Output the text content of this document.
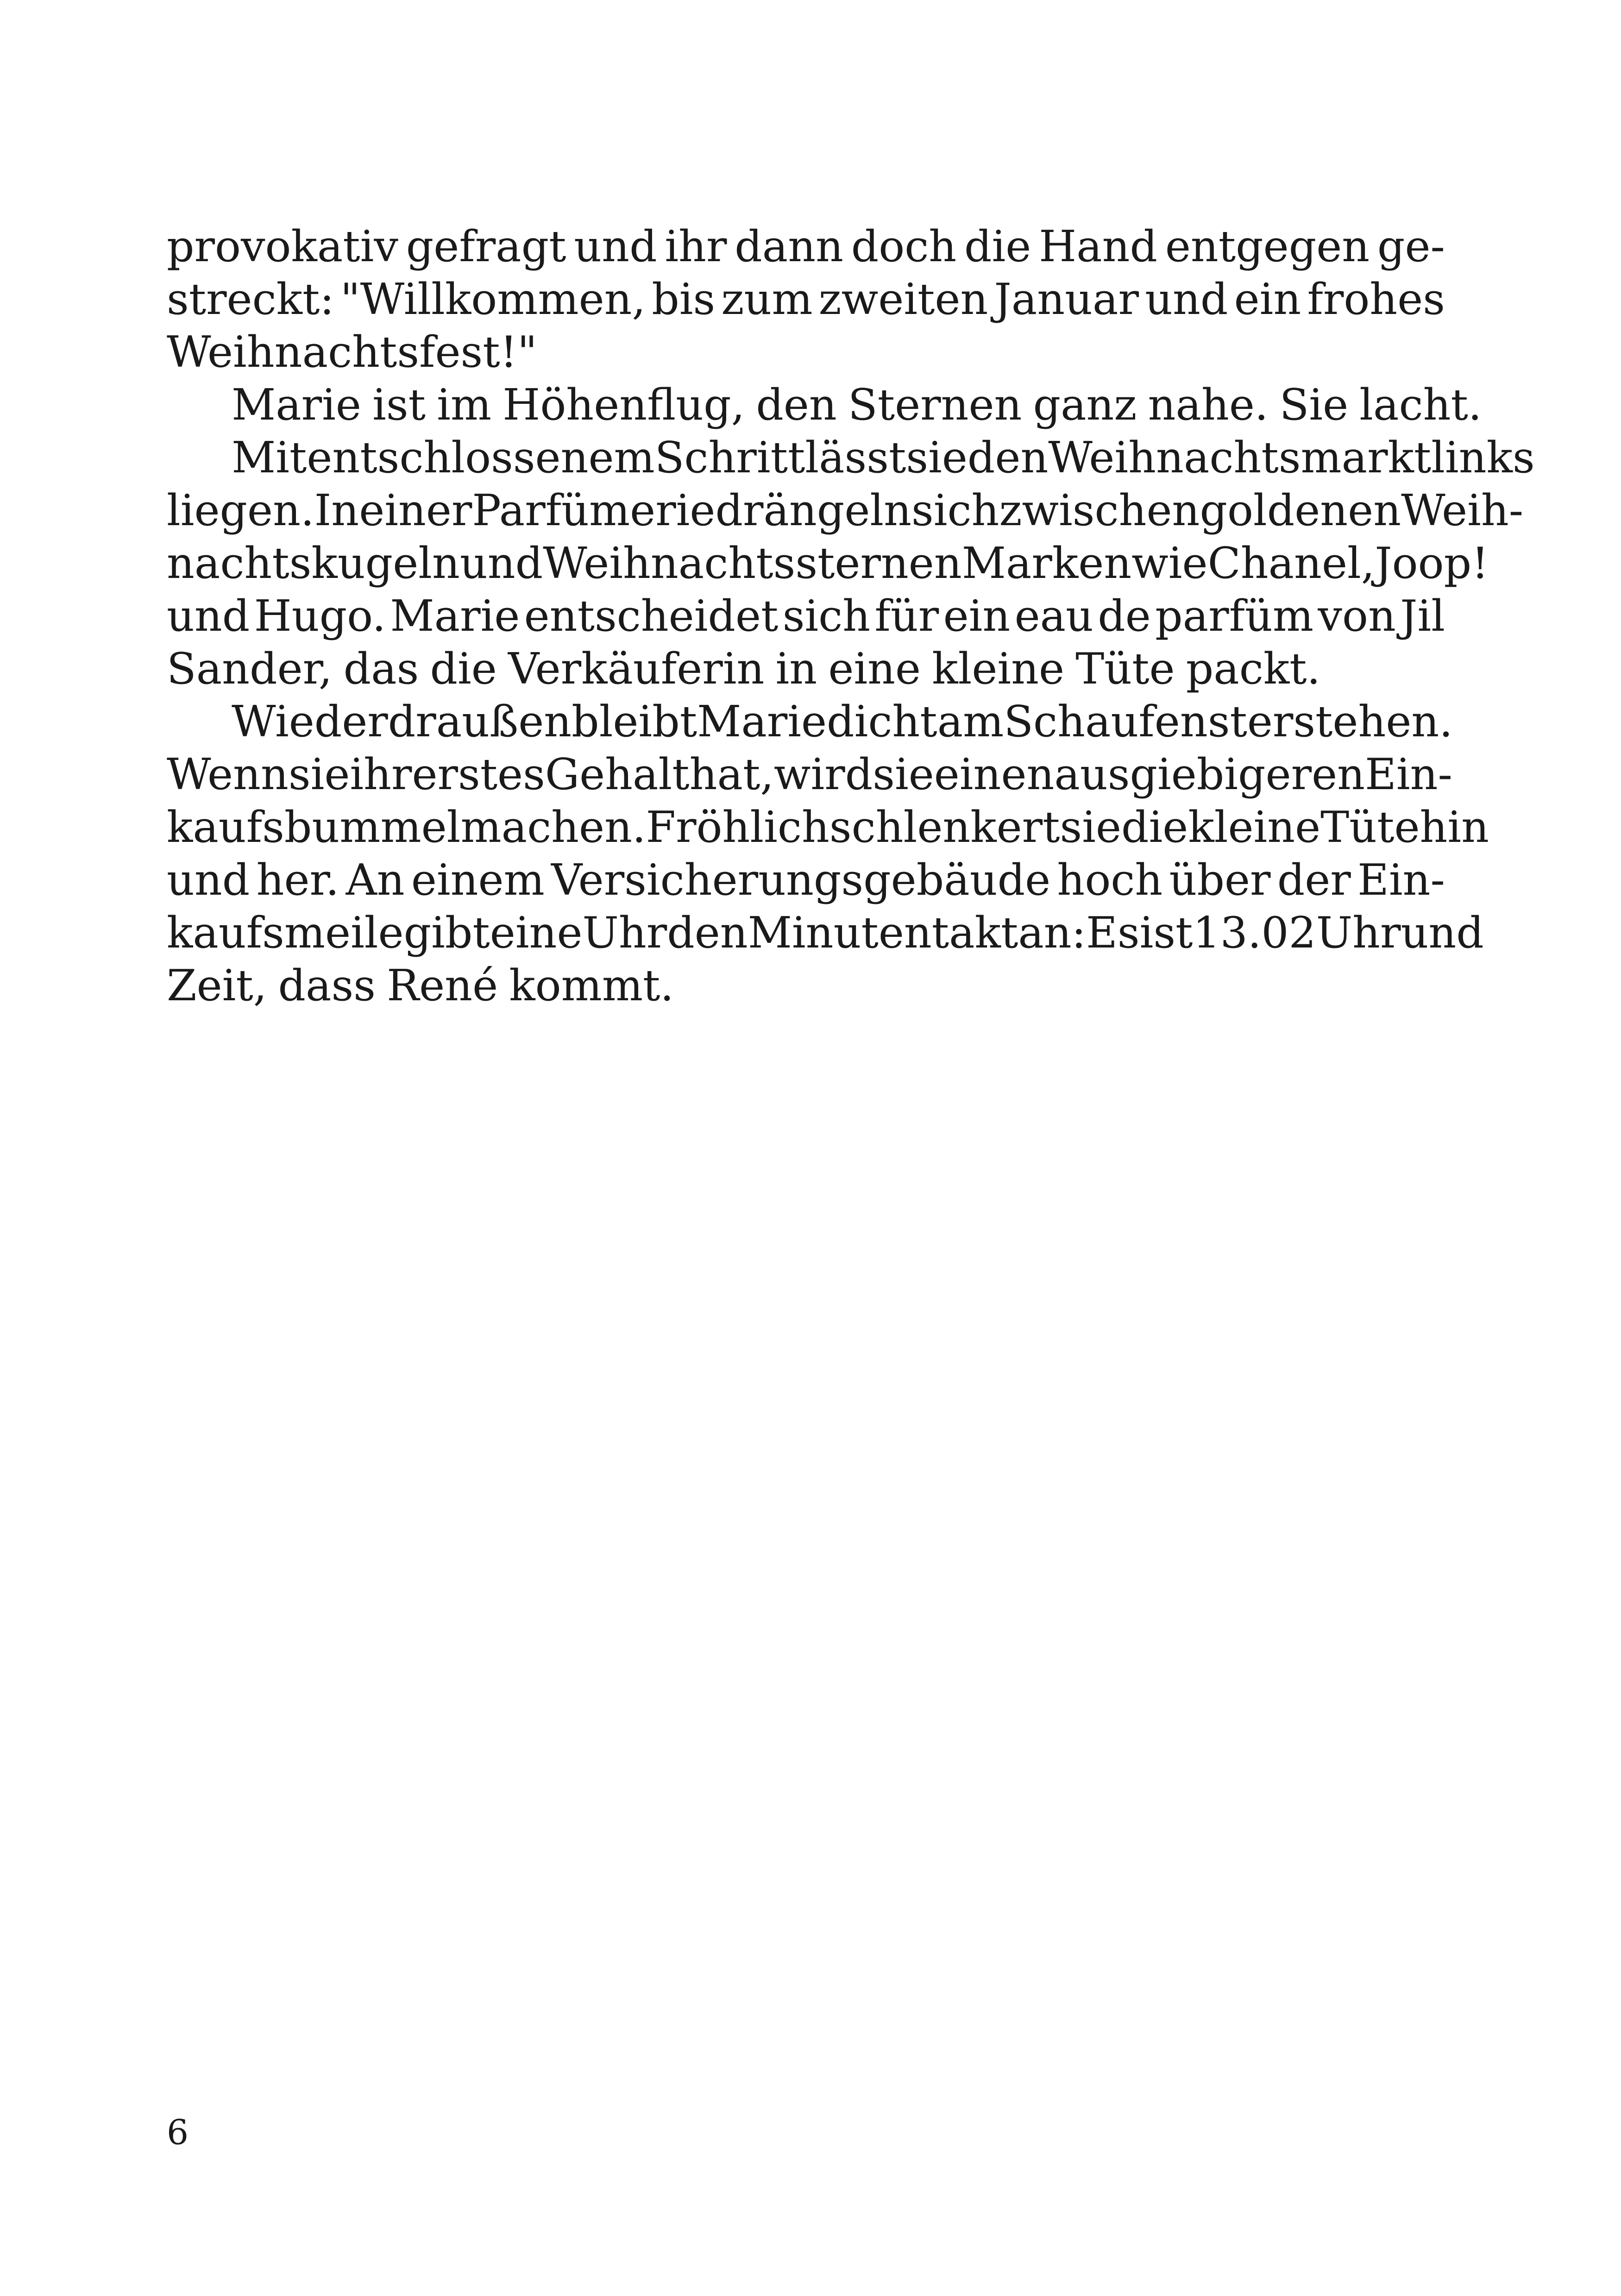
provokativ gefragt und ihr dann doch die Hand entgegen ge-
streckt: "Willkommen, bis zum zweiten Januar und ein frohes
Weihnachtsfest!"
Marie ist im Höhenflug, den Sternen ganz nahe. Sie lacht.
Mit entschlossenem Schritt lässt sie den Weihnachtsmarkt links
liegen. In einer Parfümerie drängeln sich zwischen goldenen Weih-
nachtskugeln und Weihnachtssternen Marken wie Chanel, Joop!
und Hugo. Marie entscheidet sich für ein eau de parfüm von Jil
Sander, das die Verkäuferin in eine kleine Tüte packt.
Wieder draußen bleibt Marie dicht am Schaufenster stehen.
Wenn sie ihr erstes Gehalt hat, wird sie einen ausgiebigeren Ein-
kaufsbummel machen. Fröhlich schlenkert sie die kleine Tüte hin
und her. An einem Versicherungsgebäude hoch über der Ein-
kaufsmeile gibt eine Uhr den Minutentakt an: Es ist 13.02 Uhr und
Zeit, dass René kommt.
6
